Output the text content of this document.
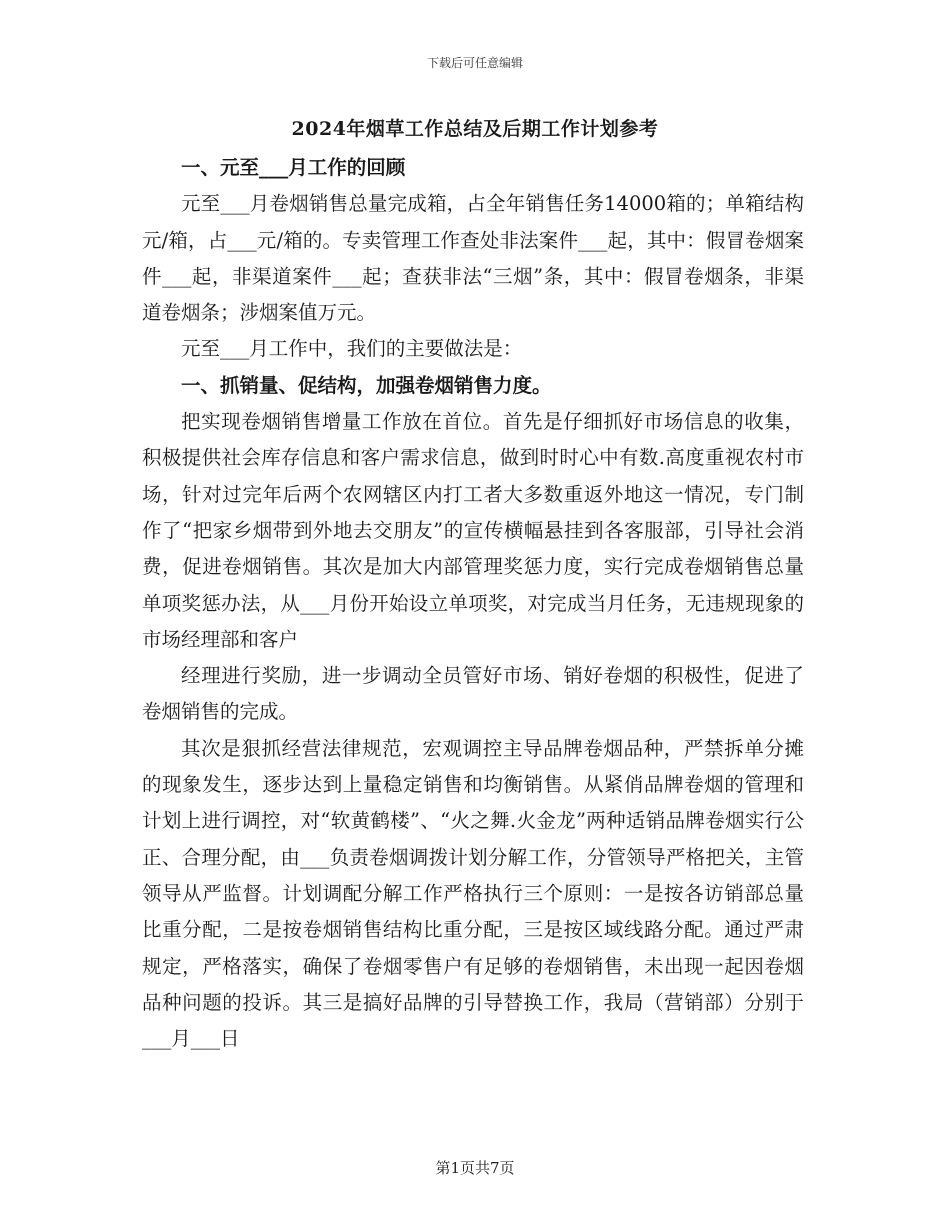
下载后可任意编辑
2024年烟草工作总结及后期工作计划参考

一、元至___月工作的回顾

元至___月卷烟销售总量完成箱，占全年销售任务14000箱的；单箱结构元/箱，占___元/箱的。专卖管理工作查处非法案件___起，其中：假冒卷烟案件___起，非渠道案件___起；查获非法“三烟”条，其中：假冒卷烟条，非渠道卷烟条；涉烟案值万元。

元至___月工作中，我们的主要做法是：

一、抓销量、促结构，加强卷烟销售力度。

把实现卷烟销售增量工作放在首位。首先是仔细抓好市场信息的收集，积极提供社会库存信息和客户需求信息，做到时时心中有数.高度重视农村市场，针对过完年后两个农网辖区内打工者大多数重返外地这一情况，专门制作了“把家乡烟带到外地去交朋友”的宣传横幅悬挂到各客服部，引导社会消费，促进卷烟销售。其次是加大内部管理奖惩力度，实行完成卷烟销售总量单项奖惩办法，从___月份开始设立单项奖，对完成当月任务，无违规现象的市场经理部和客户

经理进行奖励，进一步调动全员管好市场、销好卷烟的积极性，促进了卷烟销售的完成。

其次是狠抓经营法律规范，宏观调控主导品牌卷烟品种，严禁拆单分摊的现象发生，逐步达到上量稳定销售和均衡销售。从紧俏品牌卷烟的管理和计划上进行调控，对“软黄鹤楼”、“火之舞.火金龙”两种适销品牌卷烟实行公正、合理分配，由___负责卷烟调拨计划分解工作，分管领导严格把关，主管领导从严监督。计划调配分解工作严格执行三个原则：一是按各访销部总量比重分配，二是按卷烟销售结构比重分配，三是按区域线路分配。通过严肃规定，严格落实，确保了卷烟零售户有足够的卷烟销售，未出现一起因卷烟品种问题的投诉。其三是搞好品牌的引导替换工作，我局（营销部）分别于___月___日

第1页共7页
